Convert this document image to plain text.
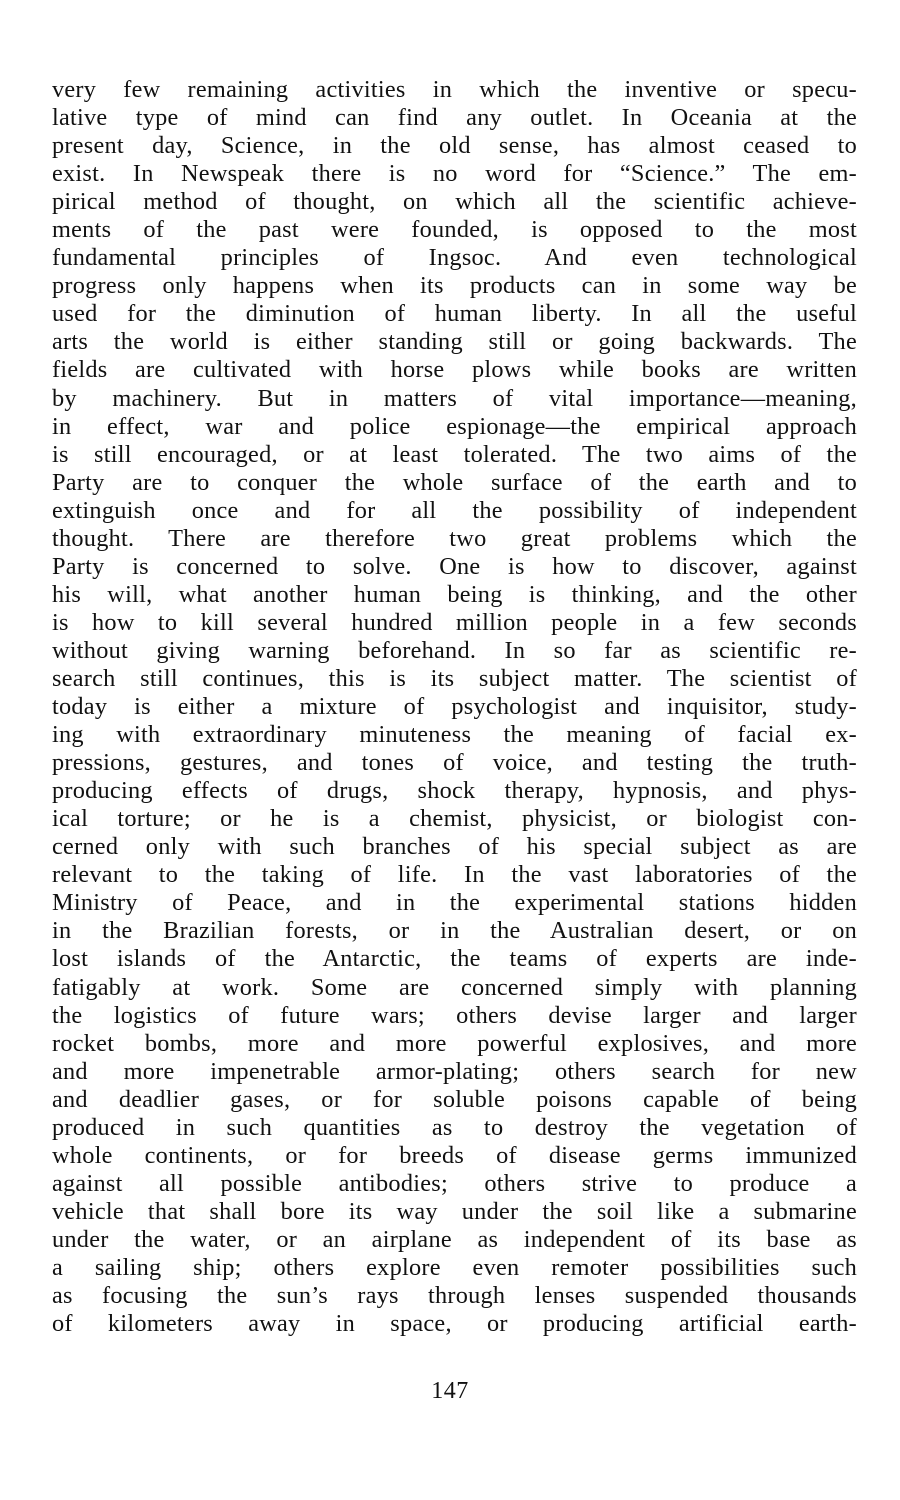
very few remaining activities in which the inventive or specu-
lative type of mind can find any outlet. In Oceania at the
present day, Science, in the old sense, has almost ceased to
exist. In Newspeak there is no word for “Science.” The em-
pirical method of thought, on which all the scientific achieve-
ments of the past were founded, is opposed to the most
fundamental principles of Ingsoc. And even technological
progress only happens when its products can in some way be
used for the diminution of human liberty. In all the useful
arts the world is either standing still or going backwards. The
fields are cultivated with horse plows while books are written
by machinery. But in matters of vital importance—meaning,
in effect, war and police espionage—the empirical approach
is still encouraged, or at least tolerated. The two aims of the
Party are to conquer the whole surface of the earth and to
extinguish once and for all the possibility of independent
thought. There are therefore two great problems which the
Party is concerned to solve. One is how to discover, against
his will, what another human being is thinking, and the other
is how to kill several hundred million people in a few seconds
without giving warning beforehand. In so far as scientific re-
search still continues, this is its subject matter. The scientist of
today is either a mixture of psychologist and inquisitor, study-
ing with extraordinary minuteness the meaning of facial ex-
pressions, gestures, and tones of voice, and testing the truth-
producing effects of drugs, shock therapy, hypnosis, and phys-
ical torture; or he is a chemist, physicist, or biologist con-
cerned only with such branches of his special subject as are
relevant to the taking of life. In the vast laboratories of the
Ministry of Peace, and in the experimental stations hidden
in the Brazilian forests, or in the Australian desert, or on
lost islands of the Antarctic, the teams of experts are inde-
fatigably at work. Some are concerned simply with planning
the logistics of future wars; others devise larger and larger
rocket bombs, more and more powerful explosives, and more
and more impenetrable armor-plating; others search for new
and deadlier gases, or for soluble poisons capable of being
produced in such quantities as to destroy the vegetation of
whole continents, or for breeds of disease germs immunized
against all possible antibodies; others strive to produce a
vehicle that shall bore its way under the soil like a submarine
under the water, or an airplane as independent of its base as
a sailing ship; others explore even remoter possibilities such
as focusing the sun’s rays through lenses suspended thousands
of kilometers away in space, or producing artificial earth-
147
